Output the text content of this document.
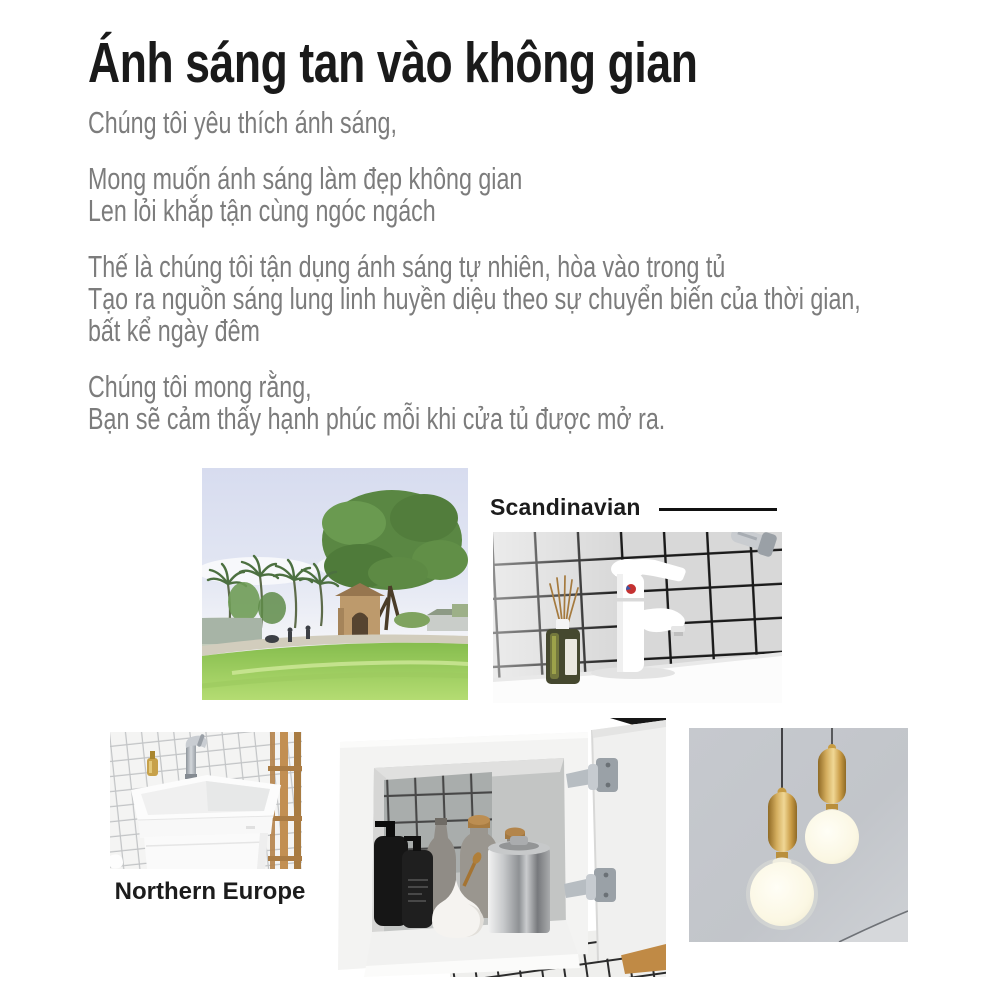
Ánh sáng tan vào không gian

Chúng tôi yêu thích ánh sáng,

Mong muốn ánh sáng làm đẹp không gian
Len lỏi khắp tận cùng ngóc ngách

Thế là chúng tôi tận dụng ánh sáng tự nhiên, hòa vào trong tủ
Tạo ra nguồn sáng lung linh huyền diệu theo sự chuyển biến của thời gian,
bất kể ngày đêm

Chúng tôi mong rằng,
Bạn sẽ cảm thấy hạnh phúc mỗi khi cửa tủ được mở ra.

Scandinavian
Northern Europe
